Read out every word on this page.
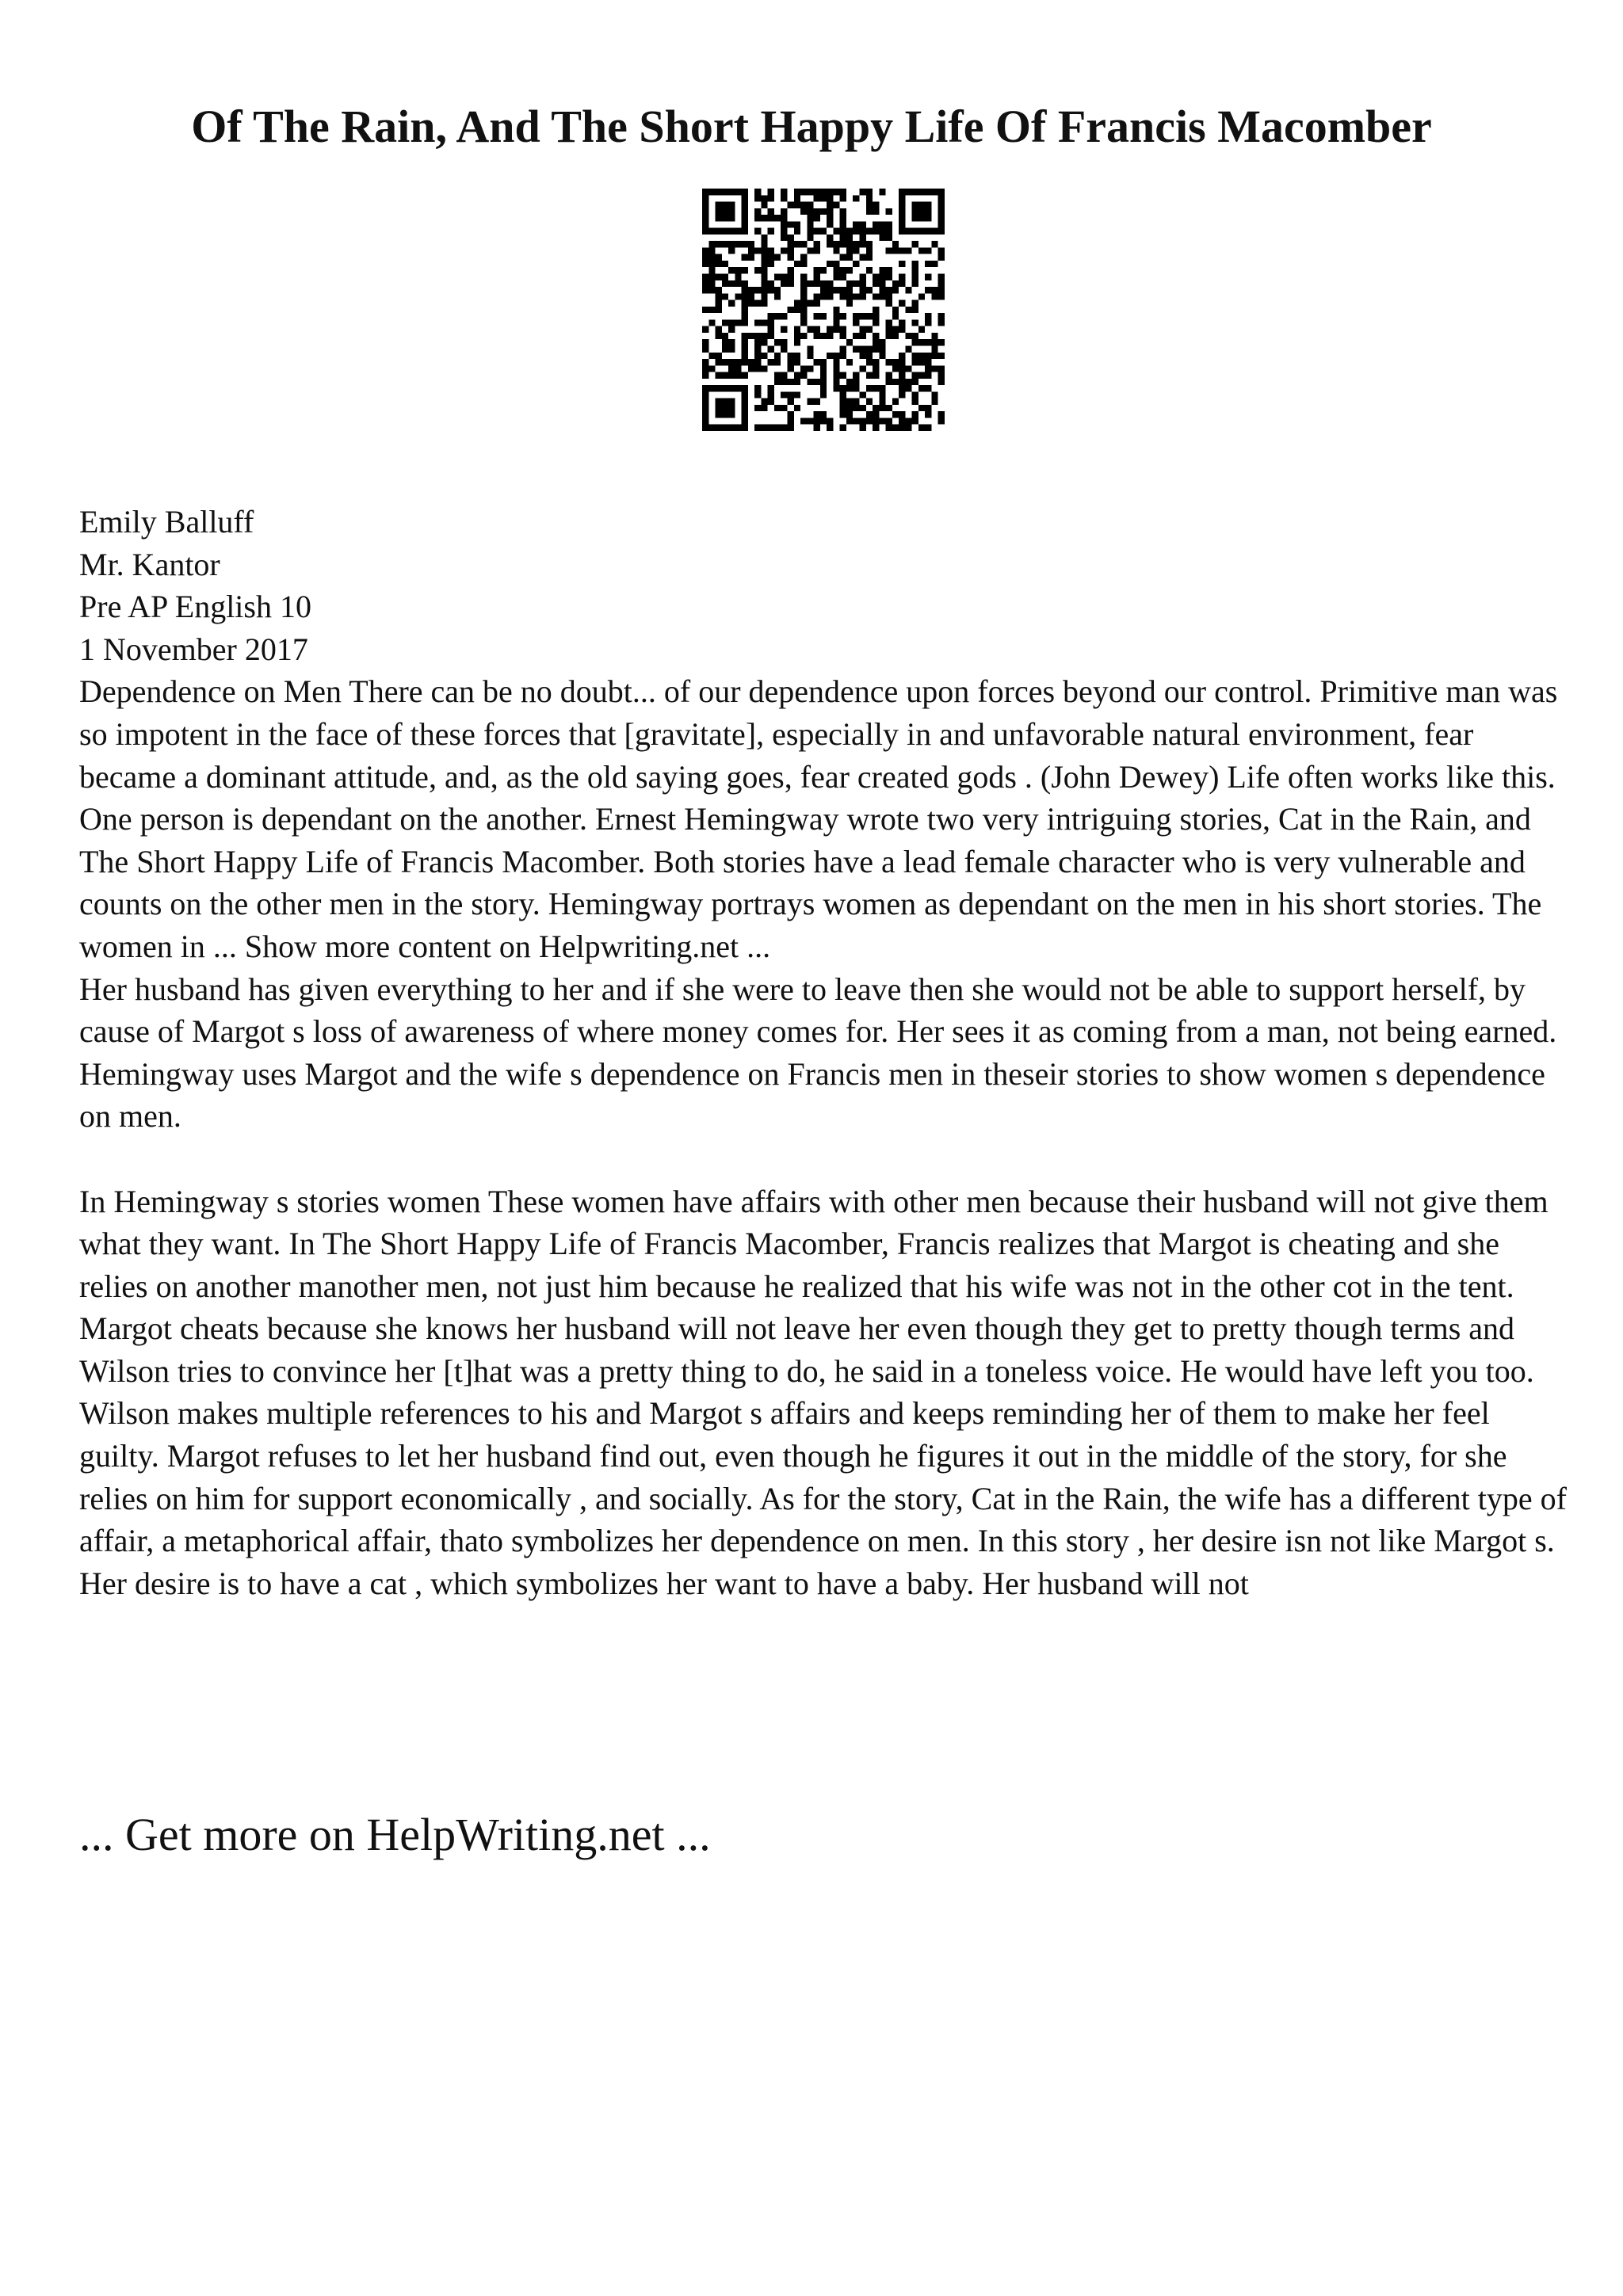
Of The Rain, And The Short Happy Life Of Francis Macomber
Emily Balluff
Mr. Kantor
Pre AP English 10
1 November 2017

Dependence on Men There can be no doubt... of our dependence upon forces beyond our control. Primitive man was so impotent in the face of these forces that [gravitate], especially in and unfavorable natural environment, fear became a dominant attitude, and, as the old saying goes, fear created gods . (John Dewey) Life often works like this. One person is dependant on the another. Ernest Hemingway wrote two very intriguing stories, Cat in the Rain, and The Short Happy Life of Francis Macomber. Both stories have a lead female character who is very vulnerable and counts on the other men in the story. Hemingway portrays women as dependant on the men in his short stories. The women in ... Show more content on Helpwriting.net ...

Her husband has given everything to her and if she were to leave then she would not be able to support herself, by cause of Margot s loss of awareness of where money comes for. Her sees it as coming from a man, not being earned. Hemingway uses Margot and the wife s dependence on Francis men in theseir stories to show women s dependence on men.

In Hemingway s stories women These women have affairs with other men because their husband will not give them what they want. In The Short Happy Life of Francis Macomber, Francis realizes that Margot is cheating and she relies on another manother men, not just him because he realized that his wife was not in the other cot in the tent. Margot cheats because she knows her husband will not leave her even though they get to pretty though terms and Wilson tries to convince her [t]hat was a pretty thing to do, he said in a toneless voice. He would have left you too. Wilson makes multiple references to his and Margot s affairs and keeps reminding her of them to make her feel guilty. Margot refuses to let her husband find out, even though he figures it out in the middle of the story, for she relies on him for support economically , and socially. As for the story, Cat in the Rain, the wife has a different type of affair, a metaphorical affair, thato symbolizes her dependence on men. In this story , her desire isn not like Margot s. Her desire is to have a cat , which symbolizes her want to have a baby. Her husband will not

... Get more on HelpWriting.net ...
